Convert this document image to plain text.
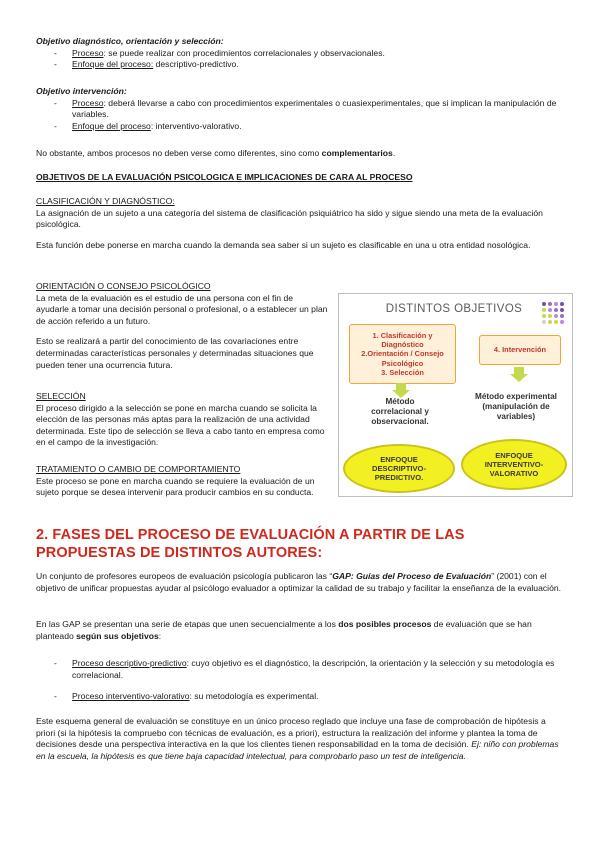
Objetivo diagnóstico, orientación y selección:

- Proceso: se puede realizar con procedimientos correlacionales y observacionales.
- Enfoque del proceso: descriptivo-predictivo.

Objetivo intervención:

- Proceso: deberá llevarse a cabo con procedimientos experimentales o cuasiexperimentales, que si implican la manipulación de variables.
- Enfoque del proceso: interventivo-valorativo.

No obstante, ambos procesos no deben verse como diferentes, sino como complementarios.

OBJETIVOS DE LA EVALUACIÓN PSICOLOGICA E IMPLICACIONES DE CARA AL PROCESO

CLASIFICACIÓN Y DIAGNÓSTICO:

La asignación de un sujeto a una categoría del sistema de clasificación psiquiátrico ha sido y sigue siendo una meta de la evaluación psicológica.

Esta función debe ponerse en marcha cuando la demanda sea saber si un sujeto es clasificable en una u otra entidad nosológica.

ORIENTACIÓN O CONSEJO PSICOLÓGICO

La meta de la evaluación es el estudio de una persona con el fin de ayudarle a tomar una decisión personal o profesional, o a establecer un plan de acción referido a un futuro.

Esto se realizará a partir del conocimiento de las covariaciones entre determinadas características personales y determinadas situaciones que pueden tener una ocurrencia futura.

SELECCIÓN

El proceso dirigido a la selección se pone en marcha cuando se solicita la elección de las personas más aptas para la realización de una actividad determinada. Este tipo de selección se lleva a cabo tanto en empresa como en el campo de la investigación.

TRATAMIENTO O CAMBIO DE COMPORTAMIENTO

Este proceso se pone en marcha cuando se requiere la evaluación de un sujeto porque se desea intervenir para producir cambios en su conducta.

DISTINTOS OBJETIVOS
1. Clasificación y
Diagnóstico
2.Orientación / Consejo
Psicológico
3. Selección
4. Intervención
Método
correlacional y
observacional.
Método experimental
(manipulación de
variables)
ENFOQUE
DESCRIPTIVO-
PREDICTIVO.
ENFOQUE
INTERVENTIVO-
VALORATIVO
2. FASES DEL PROCESO DE EVALUACIÓN A PARTIR DE LAS PROPUESTAS DE DISTINTOS AUTORES:

Un conjunto de profesores europeos de evaluación psicología publicaron las “GAP: Guías del Proceso de Evaluación” (2001) con el objetivo de unificar propuestas ayudar al psicólogo evaluador a optimizar la calidad de su trabajo y facilitar la enseñanza de la evaluación.

En las GAP se presentan una serie de etapas que unen secuencialmente a los dos posibles procesos de evaluación que se han planteado según sus objetivos:

- Proceso descriptivo-predictivo: cuyo objetivo es el diagnóstico, la descripción, la orientación y la selección y su metodología es correlacional.
- Proceso interventivo-valorativo: su metodología es experimental.

Este esquema general de evaluación se constituye en un único proceso reglado que incluye una fase de comprobación de hipótesis a priori (si la hipótesis la compruebo con técnicas de evaluación, es a priori), estructura la realización del informe y plantea la toma de decisiones desde una perspectiva interactiva en la que los clientes tienen responsabilidad en la toma de decisión. Ej: niño con problemas en la escuela, la hipótesis es que tiene baja capacidad intelectual, para comprobarlo paso un test de inteligencia.
